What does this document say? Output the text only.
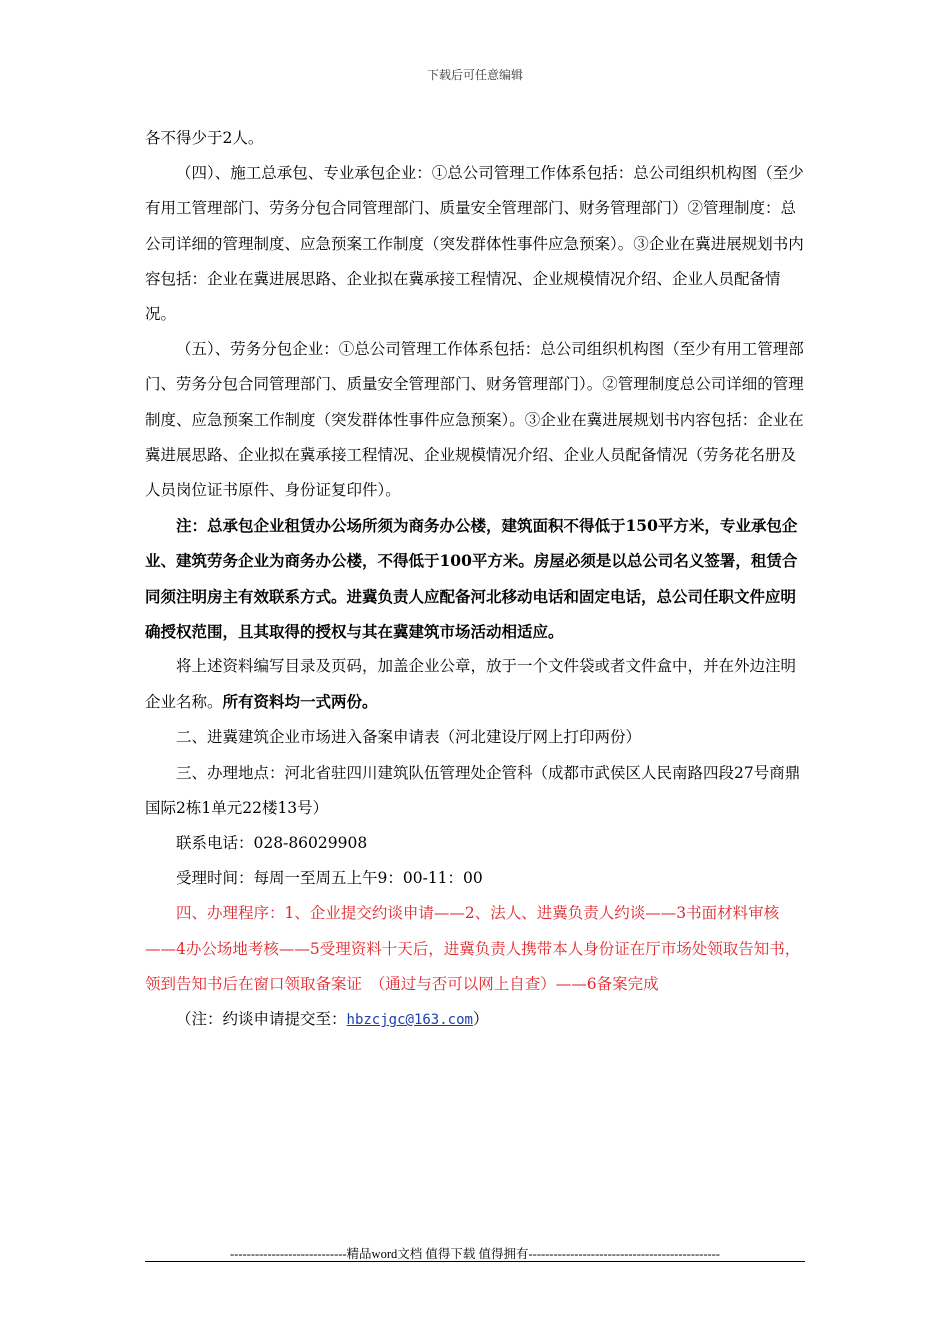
下载后可任意编辑

各不得少于2人。

（四）、施工总承包、专业承包企业：①总公司管理工作体系包括：总公司组织机构图（至少有用工管理部门、劳务分包合同管理部门、质量安全管理部门、财务管理部门）②管理制度：总公司详细的管理制度、应急预案工作制度（突发群体性事件应急预案）。③企业在冀进展规划书内容包括：企业在冀进展思路、企业拟在冀承接工程情况、企业规模情况介绍、企业人员配备情况。

（五）、劳务分包企业：①总公司管理工作体系包括：总公司组织机构图（至少有用工管理部门、劳务分包合同管理部门、质量安全管理部门、财务管理部门）。②管理制度总公司详细的管理制度、应急预案工作制度（突发群体性事件应急预案）。③企业在冀进展规划书内容包括：企业在冀进展思路、企业拟在冀承接工程情况、企业规模情况介绍、企业人员配备情况（劳务花名册及人员岗位证书原件、身份证复印件）。

注：总承包企业租赁办公场所须为商务办公楼，建筑面积不得低于150平方米，专业承包企业、建筑劳务企业为商务办公楼，不得低于100平方米。房屋必须是以总公司名义签署，租赁合同须注明房主有效联系方式。进冀负责人应配备河北移动电话和固定电话，总公司任职文件应明确授权范围，且其取得的授权与其在冀建筑市场活动相适应。

将上述资料编写目录及页码，加盖企业公章，放于一个文件袋或者文件盒中，并在外边注明企业名称。所有资料均一式两份。

二、进冀建筑企业市场进入备案申请表（河北建设厅网上打印两份）

三、办理地点：河北省驻四川建筑队伍管理处企管科（成都市武侯区人民南路四段27号商鼎国际2栋1单元22楼13号）

联系电话：028-86029908

受理时间：每周一至周五上午9：00-11：00

四、办理程序：1、企业提交约谈申请——2、法人、进冀负责人约谈——3书面材料审核——4办公场地考核——5受理资料十天后，进冀负责人携带本人身份证在厅市场处领取告知书，领到告知书后在窗口领取备案证　（通过与否可以网上自查）——6备案完成

（注：约谈申请提交至：hbzcjgc@163.com）

----------------------------精品word文档 值得下载 值得拥有----------------------------------------------
